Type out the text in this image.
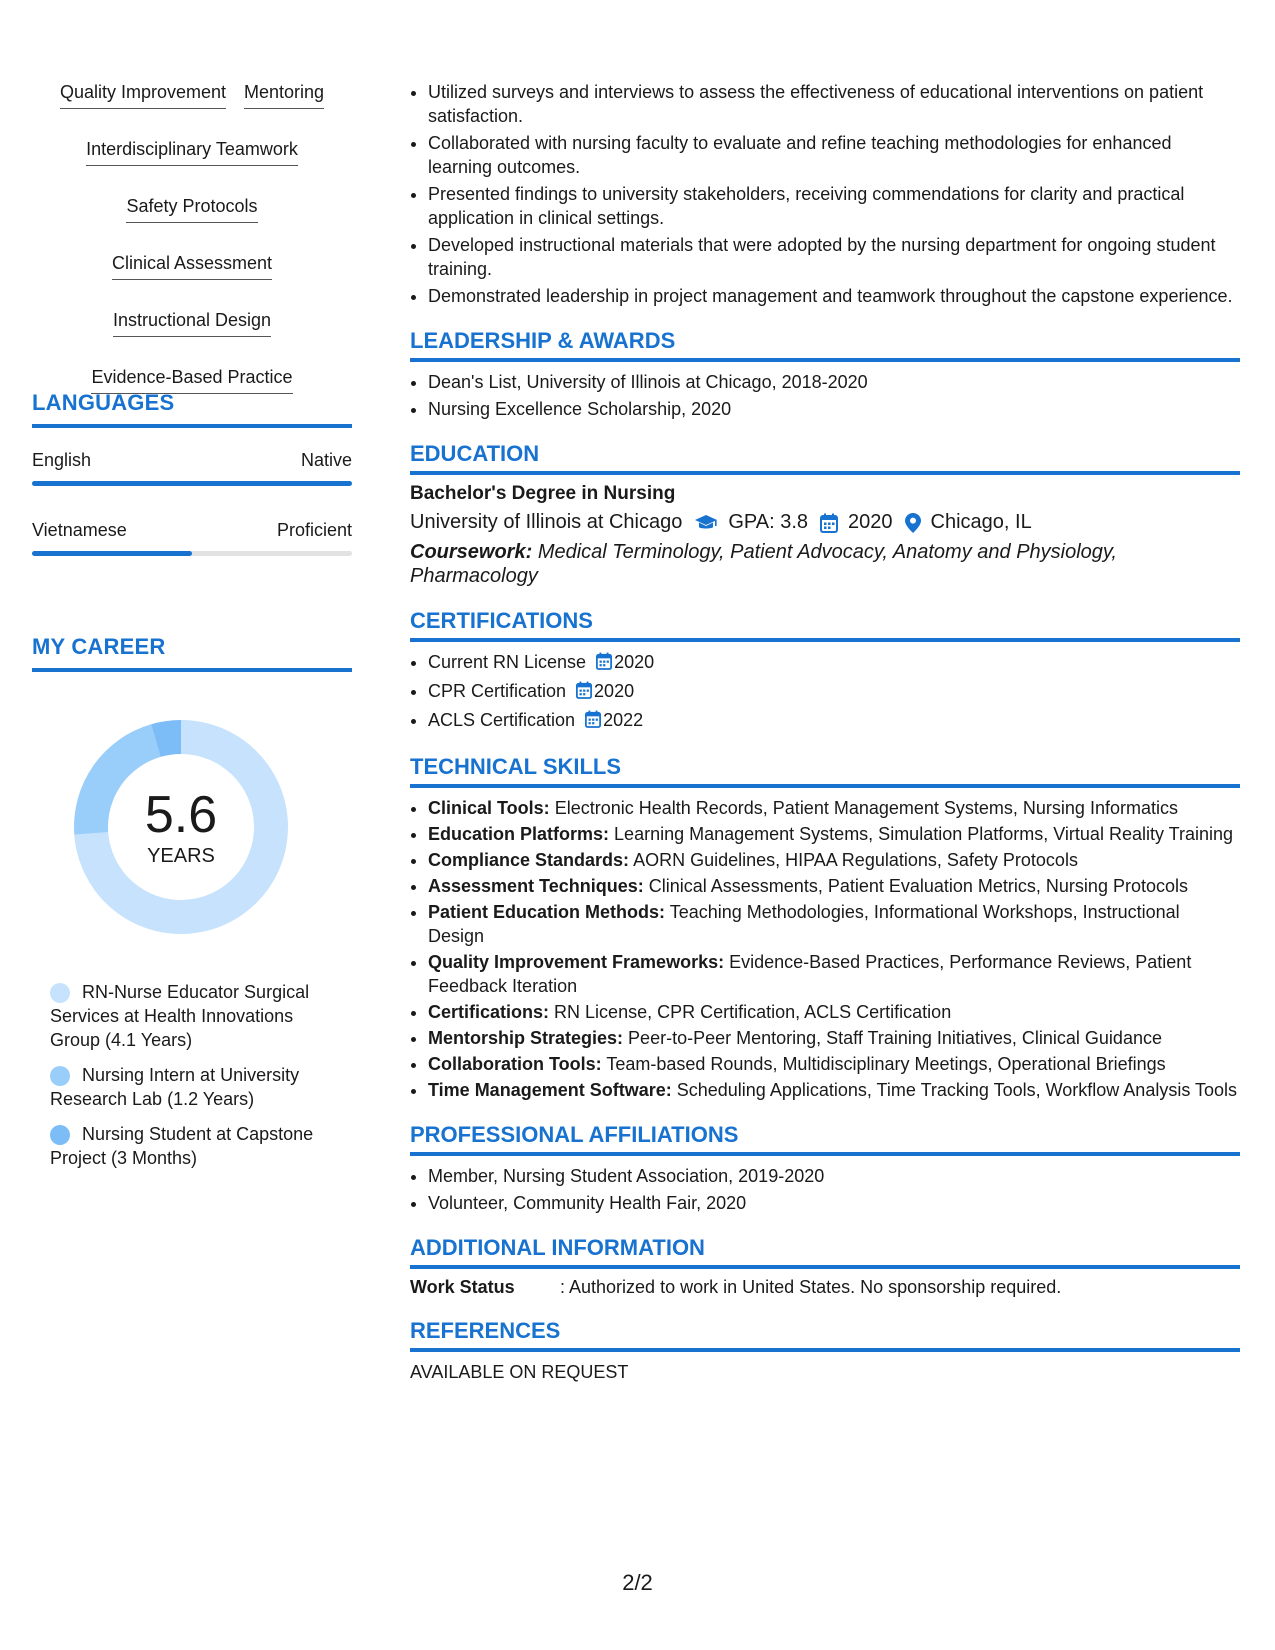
Quality Improvement Mentoring
Interdisciplinary Teamwork
Safety Protocols
Clinical Assessment
Instructional Design
Evidence-Based Practice
LANGUAGES
English	Native
Vietnamese	Proficient
MY CAREER
5.6
YEARS
RN-Nurse Educator Surgical Services at Health Innovations Group (4.1 Years)
Nursing Intern at University Research Lab (1.2 Years)
Nursing Student at Capstone Project (3 Months)
• Utilized surveys and interviews to assess the effectiveness of educational interventions on patient satisfaction.
• Collaborated with nursing faculty to evaluate and refine teaching methodologies for enhanced learning outcomes.
• Presented findings to university stakeholders, receiving commendations for clarity and practical application in clinical settings.
• Developed instructional materials that were adopted by the nursing department for ongoing student training.
• Demonstrated leadership in project management and teamwork throughout the capstone experience.
LEADERSHIP & AWARDS
• Dean's List, University of Illinois at Chicago, 2018-2020
• Nursing Excellence Scholarship, 2020
EDUCATION
Bachelor's Degree in Nursing
University of Illinois at Chicago GPA: 3.8 2020 Chicago, IL
Coursework: Medical Terminology, Patient Advocacy, Anatomy and Physiology, Pharmacology
CERTIFICATIONS
• Current RN License 2020
• CPR Certification 2020
• ACLS Certification 2022
TECHNICAL SKILLS
• Clinical Tools: Electronic Health Records, Patient Management Systems, Nursing Informatics
• Education Platforms: Learning Management Systems, Simulation Platforms, Virtual Reality Training
• Compliance Standards: AORN Guidelines, HIPAA Regulations, Safety Protocols
• Assessment Techniques: Clinical Assessments, Patient Evaluation Metrics, Nursing Protocols
• Patient Education Methods: Teaching Methodologies, Informational Workshops, Instructional Design
• Quality Improvement Frameworks: Evidence-Based Practices, Performance Reviews, Patient Feedback Iteration
• Certifications: RN License, CPR Certification, ACLS Certification
• Mentorship Strategies: Peer-to-Peer Mentoring, Staff Training Initiatives, Clinical Guidance
• Collaboration Tools: Team-based Rounds, Multidisciplinary Meetings, Operational Briefings
• Time Management Software: Scheduling Applications, Time Tracking Tools, Workflow Analysis Tools
PROFESSIONAL AFFILIATIONS
• Member, Nursing Student Association, 2019-2020
• Volunteer, Community Health Fair, 2020
ADDITIONAL INFORMATION
Work Status	: Authorized to work in United States. No sponsorship required.
REFERENCES
AVAILABLE ON REQUEST
2/2
